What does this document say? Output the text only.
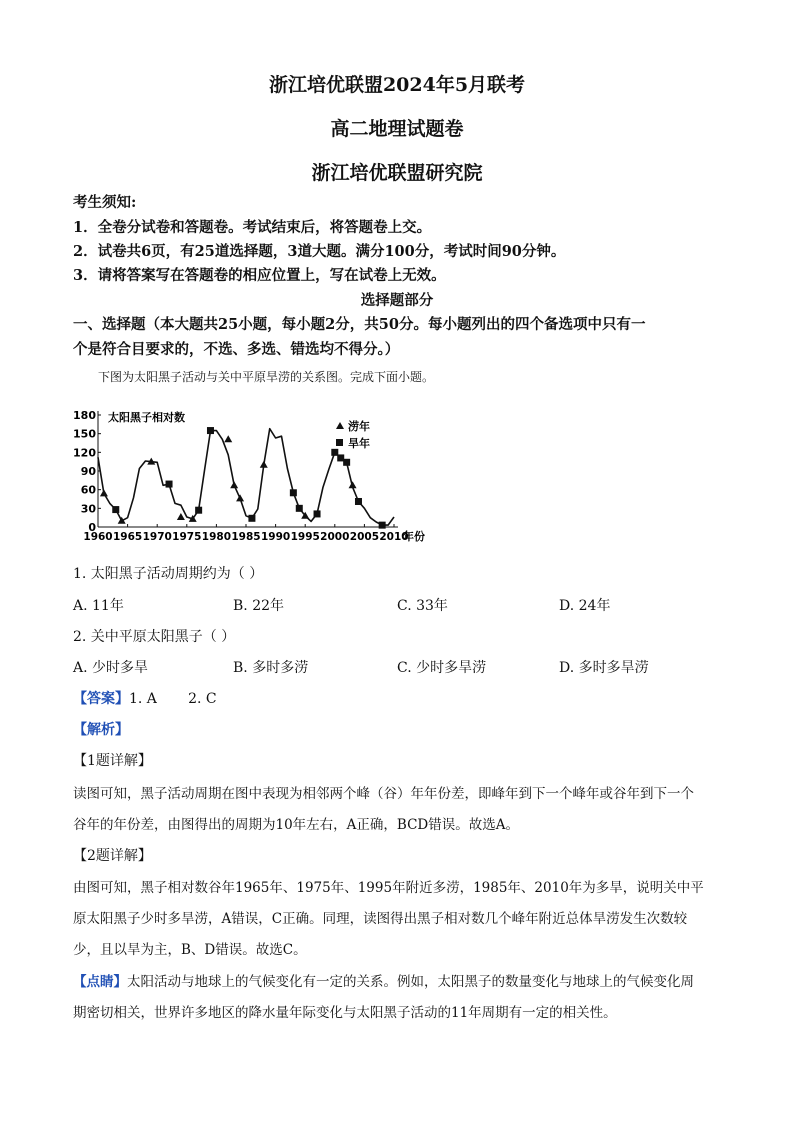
浙江培优联盟2024年5月联考
高二地理试题卷
浙江培优联盟研究院
考生须知:
1．全卷分试卷和答题卷。考试结束后，将答题卷上交。
2．试卷共6页，有25道选择题，3道大题。满分100分，考试时间90分钟。
3．请将答案写在答题卷的相应位置上，写在试卷上无效。
选择题部分
一、选择题（本大题共25小题，每小题2分，共50分。每小题列出的四个备选项中只有一
个是符合目要求的，不选、多选、错选均不得分。）
下图为太阳黑子活动与关中平原旱涝的关系图。完成下面小题。
0
30
60
90
120
150
180
1960 1965 1970 1975 1980 1985 1990 1995 2000 2005 2010
年份
太阳黑子相对数
涝年
旱年
1. 太阳黑子活动周期约为（ ）
A. 11年	B. 22年	C. 33年	D. 24年
2. 关中平原太阳黑子（ ）
A. 少时多旱	B. 多时多涝	C. 少时多旱涝	D. 多时多旱涝
【答案】1. A       2. C
【解析】
【1题详解】
读图可知，黑子活动周期在图中表现为相邻两个峰（谷）年年份差，即峰年到下一个峰年或谷年到下一个
谷年的年份差，由图得出的周期为10年左右，A正确，BCD错误。故选A。
【2题详解】
由图可知，黑子相对数谷年1965年、1975年、1995年附近多涝，1985年、2010年为多旱，说明关中平
原太阳黑子少时多旱涝，A错误，C正确。同理，读图得出黑子相对数几个峰年附近总体旱涝发生次数较
少，且以旱为主，B、D错误。故选C。
【点睛】太阳活动与地球上的气候变化有一定的关系。例如，太阳黑子的数量变化与地球上的气候变化周
期密切相关，世界许多地区的降水量年际变化与太阳黑子活动的11年周期有一定的相关性。
